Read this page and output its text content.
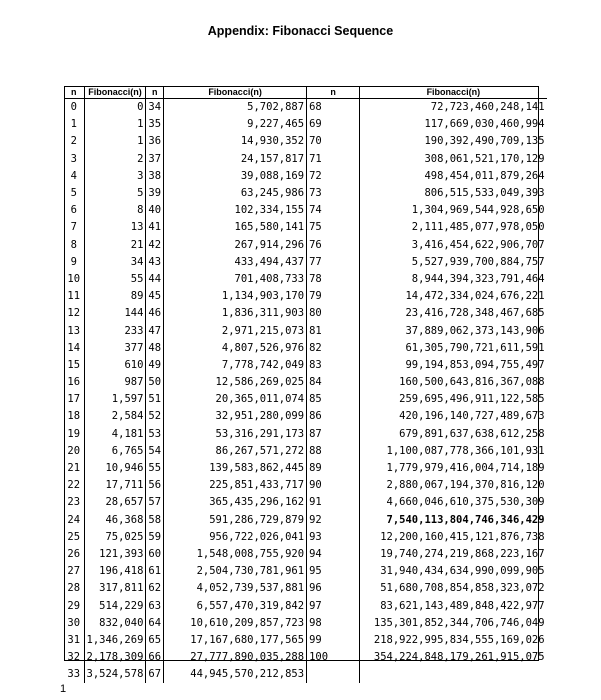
Appendix: Fibonacci Sequence
n	Fibonacci(n)	n	Fibonacci(n)	n	Fibonacci(n)
0	0	34	5,702,887	68	72,723,460,248,141
1	1	35	9,227,465	69	117,669,030,460,994
2	1	36	14,930,352	70	190,392,490,709,135
3	2	37	24,157,817	71	308,061,521,170,129
4	3	38	39,088,169	72	498,454,011,879,264
5	5	39	63,245,986	73	806,515,533,049,393
6	8	40	102,334,155	74	1,304,969,544,928,650
7	13	41	165,580,141	75	2,111,485,077,978,050
8	21	42	267,914,296	76	3,416,454,622,906,707
9	34	43	433,494,437	77	5,527,939,700,884,757
10	55	44	701,408,733	78	8,944,394,323,791,464
11	89	45	1,134,903,170	79	14,472,334,024,676,221
12	144	46	1,836,311,903	80	23,416,728,348,467,685
13	233	47	2,971,215,073	81	37,889,062,373,143,906
14	377	48	4,807,526,976	82	61,305,790,721,611,591
15	610	49	7,778,742,049	83	99,194,853,094,755,497
16	987	50	12,586,269,025	84	160,500,643,816,367,088
17	1,597	51	20,365,011,074	85	259,695,496,911,122,585
18	2,584	52	32,951,280,099	86	420,196,140,727,489,673
19	4,181	53	53,316,291,173	87	679,891,637,638,612,258
20	6,765	54	86,267,571,272	88	1,100,087,778,366,101,931
21	10,946	55	139,583,862,445	89	1,779,979,416,004,714,189
22	17,711	56	225,851,433,717	90	2,880,067,194,370,816,120
23	28,657	57	365,435,296,162	91	4,660,046,610,375,530,309
24	46,368	58	591,286,729,879	92	7,540,113,804,746,346,429
25	75,025	59	956,722,026,041	93	12,200,160,415,121,876,738
26	121,393	60	1,548,008,755,920	94	19,740,274,219,868,223,167
27	196,418	61	2,504,730,781,961	95	31,940,434,634,990,099,905
28	317,811	62	4,052,739,537,881	96	51,680,708,854,858,323,072
29	514,229	63	6,557,470,319,842	97	83,621,143,489,848,422,977
30	832,040	64	10,610,209,857,723	98	135,301,852,344,706,746,049
31	1,346,269	65	17,167,680,177,565	99	218,922,995,834,555,169,026
32	2,178,309	66	27,777,890,035,288	100	354,224,848,179,261,915,075
33	3,524,578	67	44,945,570,212,853		
1
